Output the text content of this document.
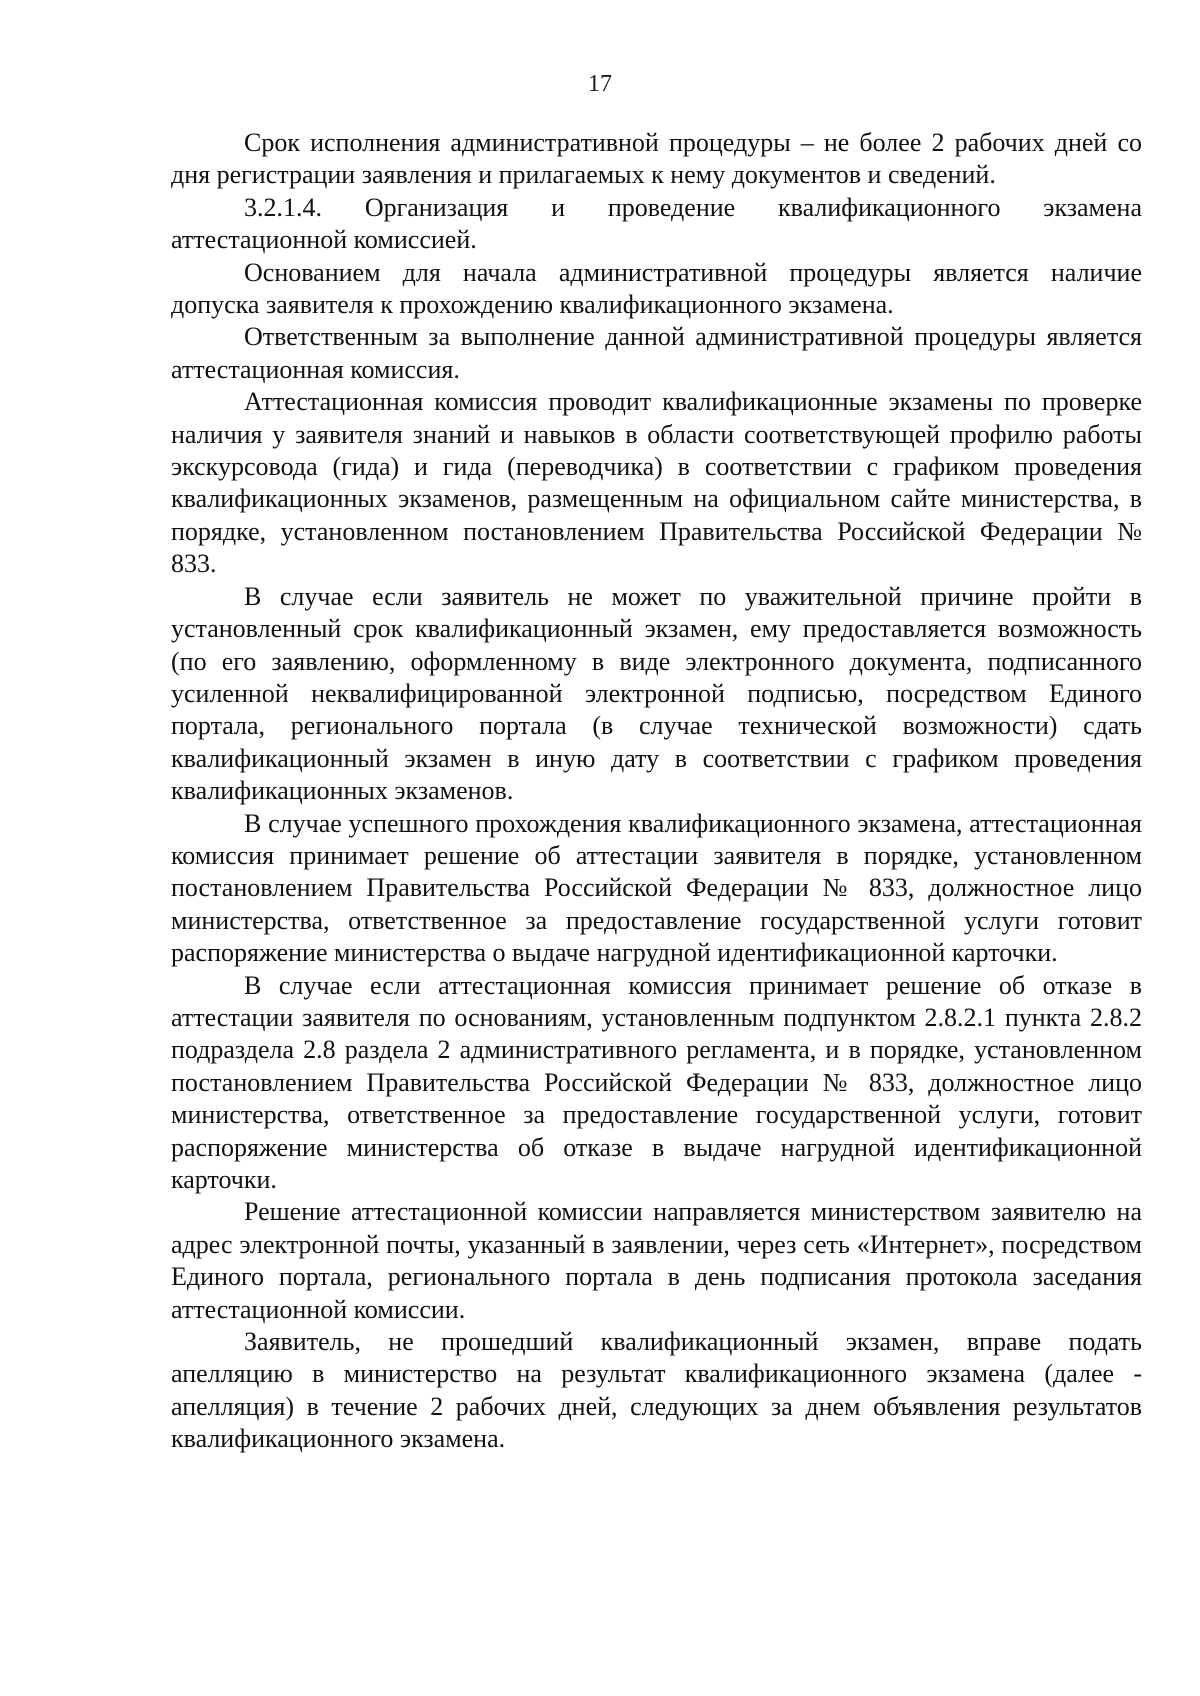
17

Срок исполнения административной процедуры – не более 2 рабочих дней со дня регистрации заявления и прилагаемых к нему документов и сведений.

3.2.1.4. Организация и проведение квалификационного экзамена аттестационной комиссией.

Основанием для начала административной процедуры является наличие допуска заявителя к прохождению квалификационного экзамена.

Ответственным за выполнение данной административной процедуры является аттестационная комиссия.

Аттестационная комиссия проводит квалификационные экзамены по проверке наличия у заявителя знаний и навыков в области соответствующей профилю работы экскурсовода (гида) и гида (переводчика) в соответствии с графиком проведения квалификационных экзаменов, размещенным на официальном сайте министерства, в порядке, установленном постановлением Правительства Российской Федерации № 833.

В случае если заявитель не может по уважительной причине пройти в установленный срок квалификационный экзамен, ему предоставляется возможность (по его заявлению, оформленному в виде электронного документа, подписанного усиленной неквалифицированной электронной подписью, посредством Единого портала, регионального портала (в случае технической возможности) сдать квалификационный экзамен в иную дату в соответствии с графиком проведения квалификационных экзаменов.

В случае успешного прохождения квалификационного экзамена, аттестационная комиссия принимает решение об аттестации заявителя в порядке, установленном постановлением Правительства Российской Федерации № 833, должностное лицо министерства, ответственное за предоставление государственной услуги готовит распоряжение министерства о выдаче нагрудной идентификационной карточки.

В случае если аттестационная комиссия принимает решение об отказе в аттестации заявителя по основаниям, установленным подпунктом 2.8.2.1 пункта 2.8.2 подраздела 2.8 раздела 2 административного регламента, и в порядке, установленном постановлением Правительства Российской Федерации № 833, должностное лицо министерства, ответственное за предоставление государственной услуги, готовит распоряжение министерства об отказе в выдаче нагрудной идентификационной карточки.

Решение аттестационной комиссии направляется министерством заявителю на адрес электронной почты, указанный в заявлении, через сеть «Интернет», посредством Единого портала, регионального портала в день подписания протокола заседания аттестационной комиссии.

Заявитель, не прошедший квалификационный экзамен, вправе подать апелляцию в министерство на результат квалификационного экзамена (далее - апелляция) в течение 2 рабочих дней, следующих за днем объявления результатов квалификационного экзамена.
